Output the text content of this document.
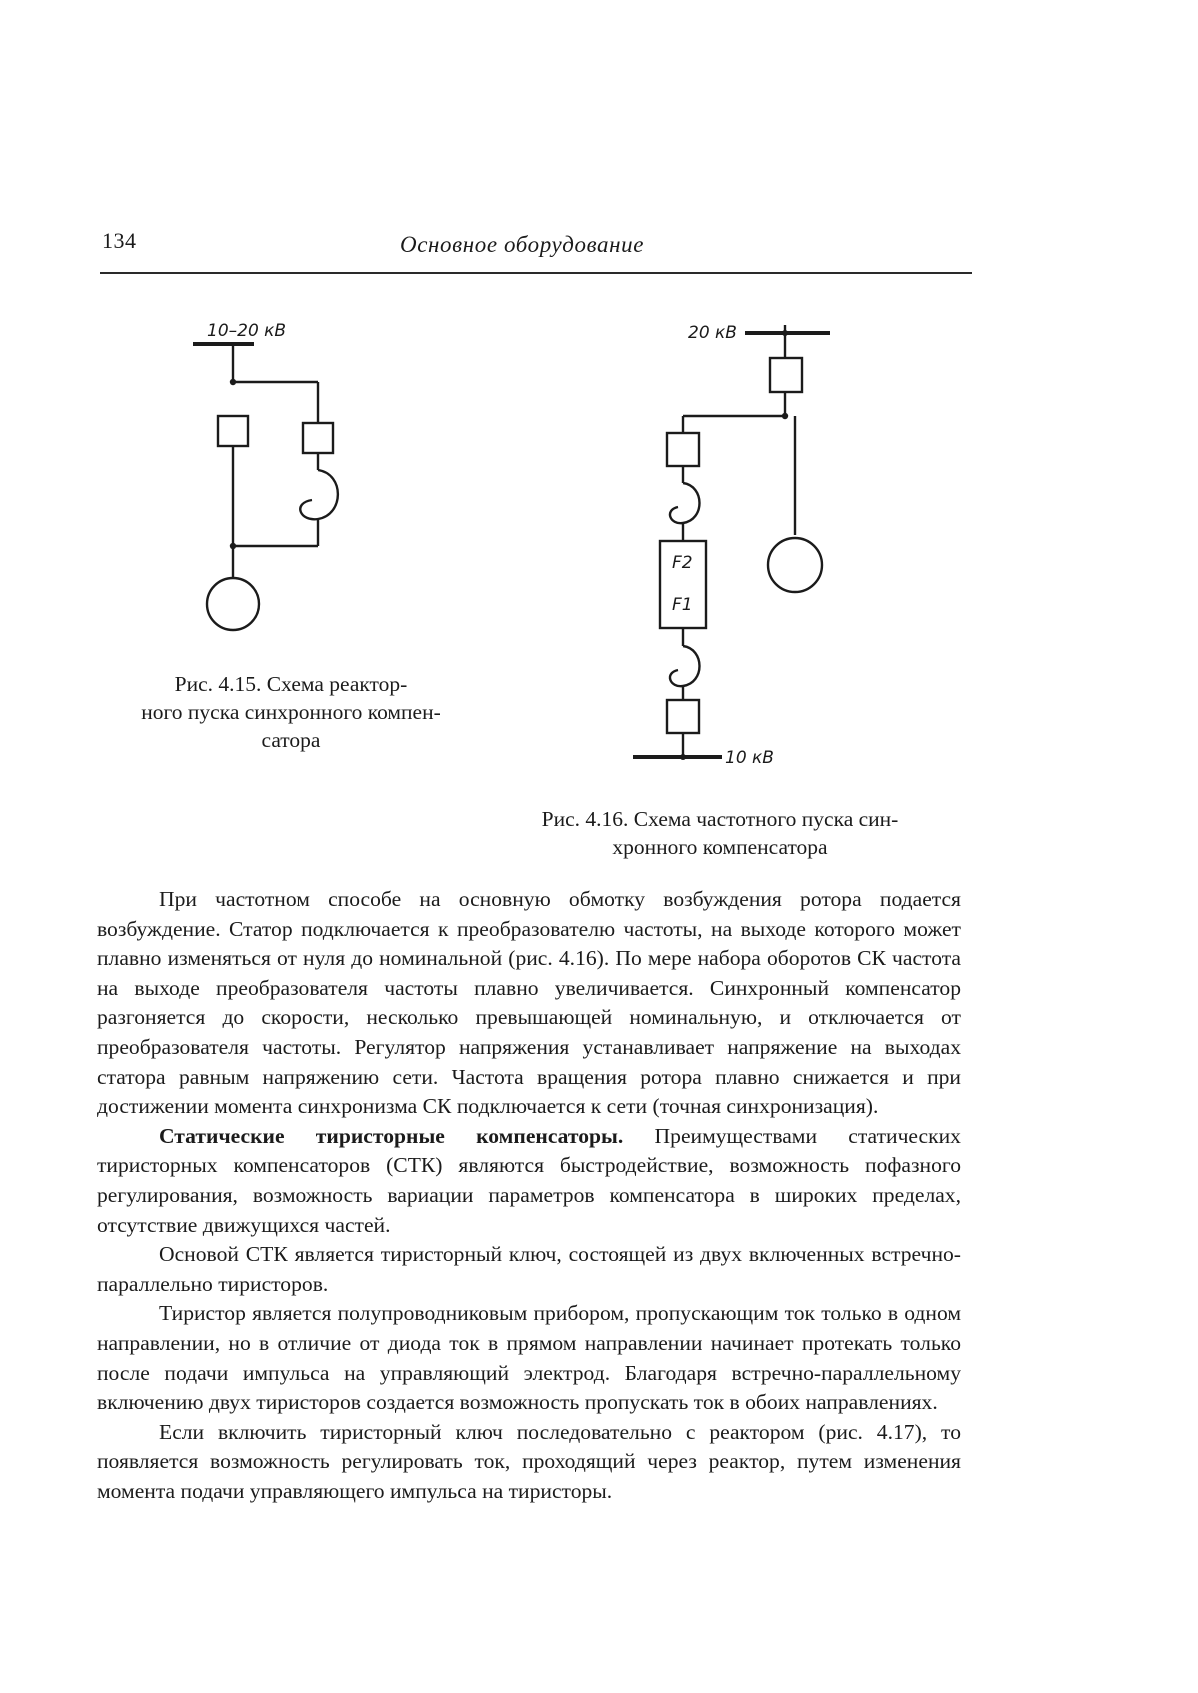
134	Основное оборудование
10–20 кВ
Рис. 4.15. Схема реактор-
ного пуска синхронного компен-
сатора
20 кВ
10 кВ
F2
F1
Рис. 4.16. Схема частотного пуска син-
хронного компенсатора

При частотном способе на основную обмотку возбуждения ротора подается возбуждение. Статор подключается к преобразователю частоты, на выходе которого может плавно изменяться от нуля до номинальной (рис. 4.16). По мере набора оборотов СК частота на выходе преобразователя частоты плавно увеличивается. Синхронный компенсатор разгоняется до скорости, несколько превышающей номинальную, и отключается от преобразователя частоты. Регулятор напряжения устанавливает напряжение на выходах статора равным напряжению сети. Частота вращения ротора плавно снижается и при достижении момента синхронизма СК подключается к сети (точная синхронизация).

Статические тиристорные компенсаторы. Преимуществами статических тиристорных компенсаторов (СТК) являются быстродействие, возможность пофазного регулирования, возможность вариации параметров компенсатора в широких пределах, отсутствие движущихся частей.

Основой СТК является тиристорный ключ, состоящей из двух включенных встречно-параллельно тиристоров.

Тиристор является полупроводниковым прибором, пропускающим ток только в одном направлении, но в отличие от диода ток в прямом направлении начинает протекать только после подачи импульса на управляющий электрод. Благодаря встречно-параллельному включению двух тиристоров создается возможность пропускать ток в обоих направлениях.

Если включить тиристорный ключ последовательно с реактором (рис. 4.17), то появляется возможность регулировать ток, проходящий через реактор, путем изменения момента подачи управляющего импульса на тиристоры.
